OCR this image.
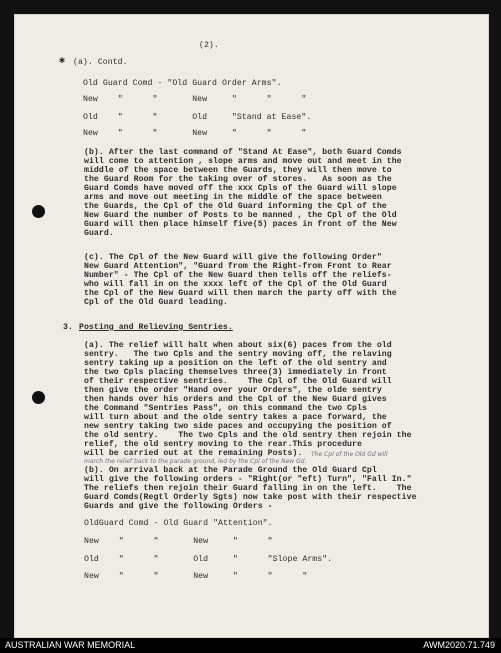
(2).
✱ (a). Contd.
Old Guard Comd - "Old Guard Order Arms".
New    "      "       New     "      "      "
Old    "      "       Old     "Stand at Ease".
New    "      "       New     "      "      "
(b). After the last command of "Stand At Ease", both Guard Comds
will come to attention , slope arms and move out and meet in the
middle of the space between the Guards, they will then move to
the Guard Room for the taking over of stores.   As soon as the
Guard Comds have moved off the xxx Cpls of the Guard will slope
arms and move out meeting in the middle of the space between
the Guards, the Cpl of the Old Guard informing the Cpl of the
New Guard the number of Posts to be manned , the Cpl of the Old
Guard will then place himself five(5) paces in front of the New
Guard.
(c). The Cpl of the New Guard will give the following Order"
New Guard Attention", "Guard from the Right-from Front to Rear
Number" - The Cpl of the New Guard then tells off the reliefs-
who will fall in on the xxxx left of the Cpl of the Old Guard
the Cpl of the New Guard will then march the party off with the
Cpl of the Old Guard leading.
3. Posting and Relieving Sentries.
(a). The relief will halt when about six(6) paces from the old
sentry.   The two Cpls and the sentry moving off, the relaving
sentry taking up a position on the left of the old sentry and
the two Cpls placing themselves three(3) immediately in front
of their respective sentries.    The Cpl of the Old Guard will
then give the order "Hand over your Orders", the olde sentry
then hands over his orders and the Cpl of the New Guard gives
the Command "Sentries Pass", on this command the two Cpls
will turn about and the olde sentry takes a pace forward, the
new sentry taking two side paces and occupying the position of
the old sentry.    The two Cpls and the old sentry then rejoin the
relief, the old sentry moving to the rear.This procedure
will be carried out at the remaining Posts). The Cpl of the Old Gd will
march the relief back to the parade ground, led by the Cpl of the New Gd.
(b). On arrival back at the Parade Ground the Old Guard Cpl
will give the following orders - "Right(or "eft) Turn", "Fall In."
The reliefs then rejoin their Guard falling in on the left.    The
Guard Comds(Regtl Orderly Sgts) now take post with their respective
Guards and give the following Orders -
OldGuard Comd - Old Guard "Attention".
New    "      "       New     "      "
Old    "      "       Old     "      "Slope Arms".
New    "      "       New     "      "      "
AUSTRALIAN WAR MEMORIAL	AWM2020.71.749
